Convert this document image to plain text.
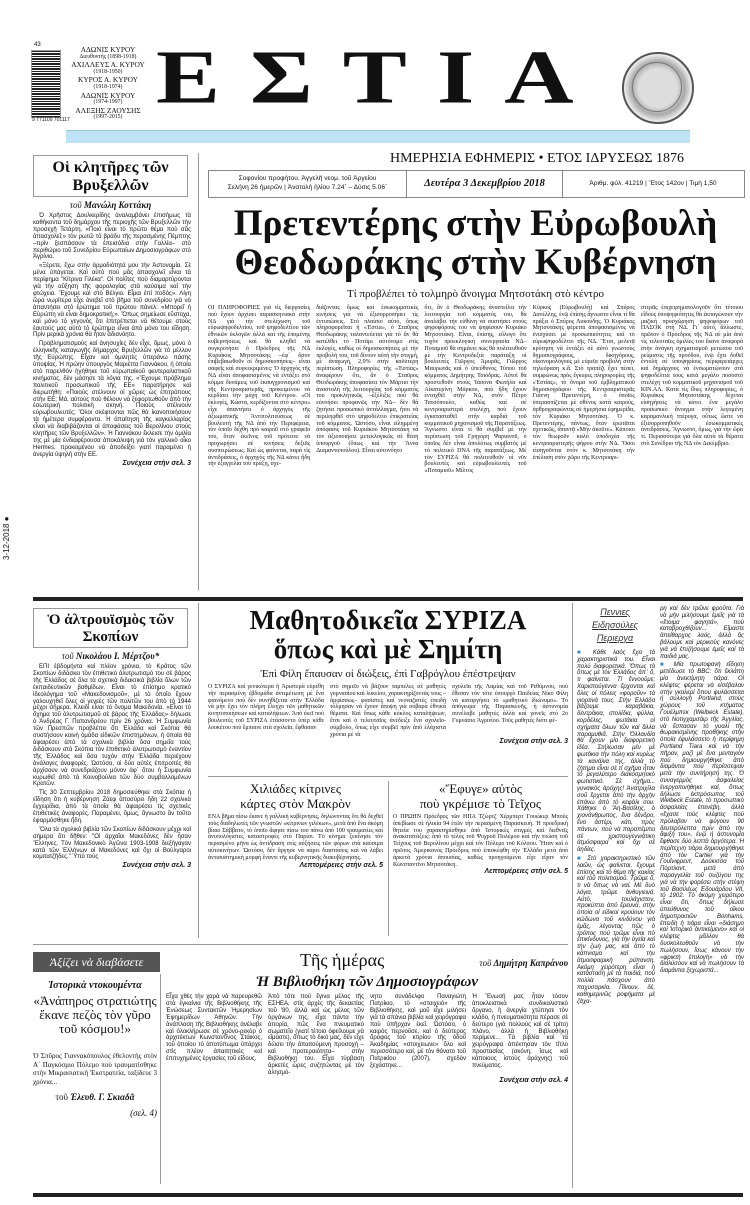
9 771109 701117
43	ΑΔΩΝΙΣ ΚΥΡΟΥ
Διευθυντής (1898-1918)
ΑΧΙΛΛΕΥΣ Α. ΚΥΡΟΥ
(1918-1950)
ΚΥΡΟΣ Α. ΚΥΡΟΥ
(1918-1974)
ΑΔΩΝΙΣ ΚΥΡΟΥ
(1974-1997)
ΑΛΕΞΗΣ ΖΑΟΥΣΗΣ
(1997-2015) ΕΣΤΙΑ
ΗΜΕΡΗΣΙΑ ΕΦΗΜΕΡΙΣ • ΕΤΟΣ ΙΔΡΥΣΕΩΣ 1876
Σοφονίου προφήτου. Ἀγγελῆ νεομ. τοῦ Ἀργείου
Σελήνη 26 ἡμερῶν | Ἀνατολὴ ἡλίου 7.24΄ – Δύσις 5.06΄	Δευτέρα 3 Δεκεμβρίου 2018	Ἀριθμ. φύλ. 41219 | Ἔτος 142ον | Τιμὴ 1,50
3-12-2018 ●
Οἱ κλητῆρες τῶν Βρυξελλῶν
τοῦ Μανώλη Κοττάκη

Ὁ Χρῆστος Δουλκερίδης ἀναλαμβάνει ἐπισήμως τὰ καθήκοντα τοῦ δημάρχου τῆς περιοχῆς τῶν Βρυξελλῶν τὴν προσεχῆ Τετάρτη. «Ποιό εἶναι τὸ πρῶτο θέμα ποὺ σᾶς ἀπασχολεῖ;» τὸν ρωτῶ τὸ βράδυ τῆς περασμένης Πέμπτης –πρὶν ξεσπάσουν τὰ ἐπεισόδια στὴν Γαλλία– στὸ περιθώριο τοῦ Συνεδρίου Εὐρωπαίων Δημοσιογράφων στὸ Ἀγρίνιο.

«Ξέρετε, ἔχω στὴν ἁρμοδιότητά μου τὴν Ἀστυνομία. Σὲ μένα ὑπάγεται. Καὶ αὐτὸ ποὺ μᾶς ἀπασχολεῖ εἶναι τὰ περίφημα "Κίτρινα Γιλέκα". Οἱ πολῖτες ποὺ διαμαρτύρονται γιὰ τὴν αὔξηση τῆς φορολογίας στὰ καύσιμα καὶ τὴν φτώχεια. Ἔχουμε καὶ στὸ Βέλγιο. Εἶμαι ἐπὶ ποδός». Λίγη ὥρα νωρίτερα εἶχε ἀνεβεῖ στὸ βῆμα τοῦ συνεδρίου γιὰ νὰ ἀπαντήσει στὸ ἐρώτημα τοῦ πρώτου πάνελ: «Μπορεῖ ἡ Εὐρώπη νὰ εἶναι δημοκρατική;». Ὅπως σημείωσε εὔστοχα, καὶ μόνο τὸ γεγονὸς ὅτι ἐπιτρέπεται νὰ θέτουμε στοὺς ἑαυτούς μας αὐτὸ τὸ ἐρώτημα εἶναι ἀπὸ μόνο του εἴδηση. Πρὶν μερικὰ χρόνια θὰ ἦταν ἀδιανόητο.

Προβληματισμοὺς καὶ ἀνησυχίες δὲν εἶχε, ὅμως, μόνο ὁ ἑλληνικῆς καταγωγῆς δήμαρχος Βρυξελλῶν γιὰ τὸ μέλλον τῆς Εὐρώπης. Εἶχαν καὶ ὁμιλητὲς ὑπεράνω πάσης ὑποψίας. Ἡ πρώην ὑπουργὸς Μαριέττα Γιαννάκου, ἡ ὁποία στὸ παρελθὸν ἡγήθηκε τοῦ εὐρωπαϊκοῦ φεντεραλιστικοῦ κινήματος, δὲν μάσησε τὰ λόγια της. «Ἔχουμε πρόβλημα πολιτικοῦ προσωπικοῦ τῆς ΕΕ» παρατήρησε καὶ διερωτήθη: «Ποιοὺς στέλνουν οἱ χῶρες ὡς ἐπιτρόπους στὴν ΕΕ; Μά, αὐτοὺς ποὺ θέλουν νὰ ξεφορτωθοῦν ἀπὸ τὴν ἐσωτερικὴ πολιτικὴ σκηνή. Ποιοὺς στέλνουν εὐρωβουλευτές; Ὅλοι σκέφτονται πῶς θὰ ἱκανοποιήσουν τὰ ἡμέτερα συμφέροντα. Ἡ ἀπαίτηση τῆς καγκελλαρίας εἶναι νὰ διαβιβάζονται οἱ ἀποφάσεις τοῦ Βερολίνου στοὺς κλητῆρες τῶν Βρυξελλῶν». Ἡ Γιαννάκου ἔκλεισε τὴν ὁμιλία της μὲ μία ἐνδιαφέρουσα ἀποκάλυψη γιὰ τὸν γαλλικὸ οἶκο Hermes, προκειμένου νὰ ἀποδείξει γιατί παραμένει ἡ ἀνεργία ὑψηλὴ στὴν ΕΕ.

Συνέχεια στὴν σελ. 3
Πρετεντέρης στὴν Εὐρωβουλὴ
Θεοδωράκης στὴν Κυβέρνηση
Τί προβλέπει τὸ τολμηρὸ ἄνοιγμα Μητσοτάκη στὸ κέντρο
ΟΙ ΠΛΗΡΟΦΟΡΙΕΣ γιὰ τὶς διεργασίες ποὺ ἔχουν ἀρχίσει παρασκηνιακὰ στὴν ΝΔ γιὰ τὴν στελέχωση τοῦ εὐρωψηφοδελτίου, τοῦ ψηφοδελτίου τῶν ἐθνικῶν ἐκλογῶν ἀλλὰ καὶ τῆς ἑπομένης κυβερνήσεως καὶ θὰ κληθεῖ νὰ συγκροτήσει ὁ Πρόεδρος τῆς ΝΔ Κυριάκος Μητσοτάκης –ἐφ᾽ ὅσον ἐπιβεβαιωθοῦν οἱ δημοσκοπήσεις– εἶναι σαφεῖς καὶ συγκεκριμένες: Ὁ ἀρχηγὸς τῆς ΝΔ εἶναι ἀποφασισμένος νὰ ἐντάξει στὸ κόμμα δυνάμεις τοῦ ἐκσυγχρονισμοῦ καὶ τῆς Κεντροαριστερᾶς, προκειμένου νὰ κερδίσει τὴν μάχη τοῦ Κέντρου. «Οἱ ἐκλογές, Κώστα, κερδίζονται στὸ κέντρο» εἶχε ἀπαντήσει ὁ ἀρχηγὸς τῆς ἀξιωματικῆς Ἀντιπολιτεύσεως σὲ βουλευτὴ τῆς ΝΔ ἀπὸ τὴν Περιφέρεια, τὸν ὁποῖο δέχθη πρὸ καιροῦ στὸ γραφεῖο του, ὅταν ἐκεῖνος τοῦ πρότεινε νὰ προχωρήσει σὲ κινήσεις δεξιᾶς συσπειρώσεως. Καὶ ὡς φαίνεται, παρὰ τὶς ἀντιδράσεις, ὁ ἀρχηγὸς τῆς ΝΔ κάνει ἤδη τὴν ἐξαγγελία του πράξη, σχε-
διάζοντας ὅμως καὶ ἐσωκομματικὲς κινήσεις γιὰ νὰ ἐξισορροπήσει τὶς ἐντυπώσεις. Στὸ πλαίσιο αὐτό, ὅπως πληροφορεῖται ἡ «Ἑστία», ὁ Σταῦρος Θεοδωράκης ταλαντεύεται γιὰ τὸ ἂν θὰ κατέλθει τὸ Ποτάμι αὐτόνομο στὶς ἐκλογές, καθὼς οἱ δημοσκοπήσεις μὲ τὴν προβολή του, τοῦ δίνουν αὐτὴ τὴν στιγμή, μὲ ἀναγωγή, 2,9% στὴν καλύτερη περίπτωση. Πληροφορίες τῆς «Ἑστίας» ἀναφέρουν ὅτι, ἂν ὁ Σταῦρος Θεοδωράκης ἀποφασίσει τὸν Μάρτιο τὴν ἀναστολὴ τῆς λειτουργίας τοῦ κόμματός του προκλητικῶς –ἐξέλιξις ποὺ θὰ εὐνοήσει προφανῶς τὴν ΝΔ– δὲν θὰ ζητήσει προσωπικὸ ἀντάλλαγμα, ἤτοι νὰ περιληφθεῖ στὸ ψηφοδέλτιο ἐπικρατείας τοῦ κόμματος. Ὡστόσο, εἶναι εἰλημμένη ἀπόφασις τοῦ Κυριάκου Μητσοτάκη νὰ τὸν ἀξιοποιήσει μετεκλογικῶς σὲ θέση ὑπουργοῦ (ὅπως καὶ τὴν Ἄννα Διαμαντοπούλου). Εἶναι αὐτονόητο
ὅτι, ἂν ὁ Θεοδωράκης ἀναστείλει τὴν λειτουργία τοῦ κόμματός του, θὰ ἀναλάβει τὴν εὐθύνη νὰ συστήσει στοὺς ψηφοφόρους του νὰ ψηφίσουν Κυριάκο Μητσοτάκη. Εἶναι, ἐπίσης, εὔλογο ὅτι τυχὸν προεκλογικὴ συνεργασία ΝΔ–Ποταμιοῦ θὰ σημάνει πὼς θὰ πολιτευθοῦν μὲ τὴν Κεντροδεξιὰ παράταξη οἱ βουλευτὲς Γιῶργος Ἀμυρᾶς, Γιῶργος Μαυρωτᾶς καὶ ὁ ὑπεύθυνος Τύπου τοῦ κόμματος Δημήτρης Τσιόδρας. Αὐτοὶ θὰ προστεθοῦν στοὺς Ἰάσονα Φωτήλα καὶ Αἰκατερίνη Μάρκου, ποὺ ἤδη ἔχουν ἐνταχθεῖ στὴν ΝΔ, στὸν Πέτρο Τατσόπουλο, καθὼς καὶ σὲ κεντροαριστερὰ στελέχη, ποὺ ἔχουν ἐγκατασταθεῖ στὴν καρδιὰ τοῦ κομματικοῦ μηχανισμοῦ τῆς Παρατάξεως. Ἄγνωστο εἶναι τί θὰ συμβεῖ μὲ τὴν περίπτωση τοῦ Γρηγόρη Ψαριανοῦ, ὁ ὁποῖος δὲν εἶναι ἀπολύτως συμβατὸς μὲ τὸ πολιτικὸ DNA τῆς παρατάξεως. Μὲ τὸν ΣΥΡΙΖΑ θὰ πολιτευθοῦν οἱ νῦν βουλευτὲς καὶ εὐρωβουλευτὲς τοῦ «Ποταμιοῦ» Μίλτος
Κύρκος (Εὐρωβουλὴ) καὶ Σπύρος Δανέλλης, ἐνῷ ἐπίσης ἄγνωστο εἶναι τί θὰ πράξει ὁ Σπύρος Λυκούδης. Ὁ Κυριάκος Μητσοτάκης φέρεται ἀποφασισμένος νὰ ἐνισχύσει μὲ προσωπικότητες καὶ τὸ εὐρωψηφοδέλτιο τῆς ΝΔ. Ἔτσι, μελετᾷ κρότηση νὰ ἐντάξει σὲ αὐτὸ γνωστοὺς δημοσιογράφους, δικηγόρους, οἰκονομολόγους μὲ εὐρεῖα προβολὴ στὴν τηλεόραση κ.ἄ. Στὸ τραπέζι ἔχει πέσει, συμφώνως πρὸς ἔγκυρες πληροφορίες τῆς «Ἑστίας», τὸ ὄνομα τοῦ ἐμβληματικοῦ δημοσιογράφου τῆς Κεντροαριστερᾶς Γιάννη Πρετεντέρη, ὁ ὁποῖος ὑπερασπίζεται μὲ σθένος κατὰ καιρούς, ἀρθρογραφώντας σὲ ἡμερήσια ἐφημερίδα, τὸν Κυριάκο Μητσοτάκη. Ὁ κ. Πρετεντέρης, πάντως, ὅταν ἐρωτᾶται σχετικῶς, ἀπαντᾷ «Μὴν ἀκοῦτε». Κάποιοι τὸν θεωροῦν καλὸ ὑποδοχέα τῆς κεντροαριστερῆς ψήφου στὴν ΝΔ. Ὅσοι εἰσηγοῦνται στὸν κ. Μητσοτάκη τὴν ἐπέλαση στὸν χῶρο τῆς Κεντροαρι-
στερᾶς ἐπιχειρηματολογοῦν ὅτι τέτοιου εἴδους ὑποψηφιότητες θὰ ἐκπαγώνουν τὴν μαζικὴ προσχώρηση ψηφοφόρων τοῦ ΠΑΣΟΚ στὴ ΝΔ. Γι᾽ αὐτό, ἄλλωστε, πρῶτον ὁ Πρόεδρος τῆς ΝΔ σὲ μία ἀπὸ τὶς τελευταῖες ὁμιλίες του ἔκανε ἀναφορὰ στὴν ἀνάγκη σχηματισμοῦ μετώπου τοῦ ρεύματος τῆς προόδου, ἐνῷ ἔχει δοθεῖ ἐντολὴ σὲ ὑποψηφίους περιφερειάρχες καὶ δημάρχους νὰ ἐνσωματώνουν στὰ ψηφοδέλτιά τους κατὰ μεγάλο ποσοστὸ στελέχη τοῦ κομματικοῦ μηχανισμοῦ τοῦ ΚΙΝ.ΑΛ. Κατὰ τὶς ἴδιες πληροφορίες, ὁ Κυριάκος Μητσοτάκης δέχεται εἰσηγήσεις νὰ κάνει ἕνα μεγάλο προσωπικὸ ἄνοιγμα στὴν λεγομένη καραμανλικὴ πτέρυγα, οὕτως ὥστε νὰ ἐξισορροπηθοῦν ἐσωκομματικὲς ἀντιδράσεις. Ἄγνωστο, ὅμως, γιὰ τὴν ὥρα τί. Περισσότερα γιὰ ὅλα αὐτὰ τὰ θέματα στὸ Συνέδριο τῆς ΝΔ τὸν Δεκέμβριο.
Ὁ ἀλτρουϊσμὸς τῶν Σκοπίων
τοῦ Νικολάου Ι. Μέρτζου*

ΕΠΙ ἑβδομήντα καὶ πλέον χρόνια, τὸ Κράτος τῶν Σκοπίων διδάσκει τὸν ἐπιθετικὸ ἀλυτρωτισμό του σὲ βάρος τῆς Ἑλλάδος σὲ ὅλα τὰ σχετικὰ διδακτικὰ βιβλία ὅλων τῶν ἐκπαιδευτικῶν βαθμίδων. Εἶναι τὸ ἐπίσημο κρατικὸ ἰδεολόγημα τοῦ «Μακεδονισμοῦ», μὲ τὸ ὁποῖο ἔχουν γαλουχηθεῖ ὅλες οἱ γενεὲς τῶν πολιτῶν του ἀπὸ τὸ 1944 μέχρι σήμερα. Κλειδὶ εἶναι τὸ ὄνομα Μακεδονία. «Εἶναι τὸ ὄχημα τοῦ ἀλυτρωτισμοῦ σὲ βάρος τῆς Ἑλλάδας» δήλωσε ὁ Ἀνδρέας Γ. Παπανδρέου πρὶν 26 χρόνια. Ἡ Συμφωνία τῶν Πρεσπῶν προβλέπει ὅτι Ἑλλάδα καὶ Σκόπια θὰ συστήσουν κοινὴ ὁμάδα εἰδικῶν ἐπιστημόνων, ἡ ὁποία θὰ ἀφαιρέσει ἀπὸ τὰ σχολικὰ βιβλία ὅσα σημεῖα τοὺς διδάσκουν στὰ Σκόπια τὸν ἐπιθετικὸ ἀλυτρωτισμὸ ἐναντίον τῆς Ἑλλάδος καὶ ὅσα τυχὸν στὴν Ἑλλάδα περιέχουν ἀνάλογες ἀναφορές. Ὡστόσο, οἱ δύο αὐτὲς ἐπιτροπὲς θὰ ἀρχίσουν νὰ συνεδριάζουν μόνον ἀφ᾽ ὅτου ἡ Συμφωνία κυρωθεῖ ἀπὸ τὰ Κοινοβούλια τῶν δύο συμβαλλομένων Κρατῶν.

Τὶς 30 Σεπτεμβρίου 2018 δημοσιεύθηκε στὰ Σκόπια ἡ εἴδηση ὅτι ἡ κυβέρνηση Ζάεφ ἀποσύρει ἤδη 22 σχολικὰ ἐγχειρίδια, ἀπὸ τὰ ὁποῖα θὰ ἀφαιρέσει τὶς σχετικὲς ἐπιθετικὲς ἀναφορές. Παραμένει, ὅμως, ἄγνωστο ἂν τοῦτο ἐφαρμόσθηκε ἤδη.

Ὅλα τὰ σχολικὰ βιβλία τῶν Σκοπίων διδάσκουν μέχρι καὶ σήμερα ὅτι δῆθεν: "Οἱ ἀρχαῖοι Μακεδόνες δὲν ἦσαν Ἕλληνες. Τὸν Μακεδονικὸ Ἀγῶνα 1903-1908 διεξήγαγαν κατὰ τῶν Ἑλλήνων οἱ Μακεδόνες καὶ ὄχι οἱ Βούλγαροι κομιτατζῆδες." Ὑπὸ τοὺς

Συνέχεια στὴν σελ. 3
Μαθητοδικεῖα ΣΥΡΙΖΑ
ὅπως καὶ μὲ Σημίτη
Ἐπὶ Φίλη ἔπαυσαν οἱ διώξεις, ἐπὶ Γαβρόγλου ἐπέστρεψαν
Ο ΣΥΡΙΖΑ καὶ γενικότερα ἡ Ἀριστερὰ εὑρέθη τὴν περασμένη ἑβδομάδα ἀντιμέτωπη μὲ ἕνα φαινόμενο ποὺ δὲν συνηθίζεται στὴν Ἑλλάδα νὰ μὴν ἔχει τὸν πλήρη ἔλεγχο τῶν μαθητικῶν κινητοποιήσεων καὶ καταλήψεων. Ἀπὸ ἐκεῖ ποὺ βουλευτὲς τοῦ ΣΥΡΙΖΑ ἐτάσσοντο ὑπὲρ κάθε λουκέτου ποὺ ἔμπαινε στὰ σχολεῖα, ἔφθασαν
στὸ σημεῖο νὰ βάζουν ταμπέλες σὲ μαθητὲς γυμνασίου καὶ λυκείου, χαρακτηρίζοντάς τους –ἀμφίσσως– φασίστες καὶ νεοναζιστὲς ἐπειδὴ τόλμησαν νὰ ἔχουν ἄποψη γιὰ σοβαρὰ ἐθνικὰ θέματα. Καὶ ὅπως κάθε κύκλος καταλήψεων, ἔτσι καὶ ὁ τελευταῖος ἀνέδειξε ἕνα σχολεῖο-σύμβολο, ὅπως εἶχε συμβεῖ πρὶν ἀπὸ ἐλάχιστα χρόνια μὲ τὰ
σχολεῖα τῆς Λαμίας καὶ τοῦ Ρεθύμνου, ποὺ ἔθεσαν τὸν τότε ὑπουργὸ Παιδείας Νίκο Φίλη νὰ καταργήσει τὸ «μαθητικὸ ἰδιώνυμο». Τὸ ἀπόγευμα τῆς Παρασκευῆς, ἡ ἀστυνομία συνέλαβε μαθητὲς ἀλλὰ καὶ γονεῖς στὸ 2ο Γυμνάσιο Ἀγρινίου. Τοὺς μαθητὲς διότι φέ-
Συνέχεια στὴν σελ. 3
Χιλιάδες κίτρινες
κάρτες στὸν Μακρὸν
ΕΝΑ βῆμα πίσω ἔκανε ἡ γαλλικὴ κυβέρνησις, δηλώνοντας ὅτι θὰ δεχθεῖ τοὺς διαδηλωτὲς τῶν γνωστῶν «κίτρινων γιλέκων», μετὰ ἀπὸ ἕνα ἀκόμη βίαιο Σάββατο, τὸ ὁποῖο ἄφησε πίσω του πάνω ἀπὸ 100 τραυματίες καὶ ἀνυπολόγιστες καταστροφὲς στὸ Παρίσι. Τὸ κίνημα ξεκίνησε τὸν περασμένο μῆνα ὡς ἀντίδραση στὶς αὐξήσεις τῶν φόρων στὰ καύσιμα αὐτοκινήτων. Ὡστόσο, δὲν ἄργησε νὰ πάρει διαστάσεις καὶ νὰ λάβει ἀντισυστημικὴ μορφή ἔναντι τῆς κυβερνητικῆς διακυβέρνησης.
Λεπτομέρειες στὴν σελ. 5
«Ἔφυγε» αὐτὸς
ποὺ γκρέμισε τὸ Τεῖχος
Ο ΠΡΩΗΝ Πρόεδρος τῶν ΗΠΑ Τζὼρτζ Χέρμπερτ Γουώκερ Μπούς ἀπεβίωσε σὲ ἡλικία 94 ἐτῶν τὴν περασμένη Παρασκευή. Ἡ προεδρική θητεία του χαρακτηρίσθηκε ἀπὸ Ἱστορικὲς στιγμὲς καὶ διεθνεῖς ἀνακατατάξεις: ἀπὸ τὸ τέλος τοῦ Ψυχροῦ Πολέμου καὶ τὴν πτώση τοῦ Τείχους τοῦ Βερολίνου μέχρι καὶ τὸν Πόλεμο τοῦ Κόλπου. Ἦταν καὶ ὁ πρῶτος Ἀμερικανὸς Πρόεδρος ποὺ ἐπισκέφθη τὴν Ἑλλάδα μετὰ ἀπὸ ἀρκετὰ χρόνια ἀπουσίας, καθὼς προηγούμενα εἶχε εἶχαν τὸν Κωνσταντῖνο Μητσοτάκη.
Λεπτομέρειες στὴν σελ. 5
Πεννιες
Ειδησούλες
Περιεργα

■ Κάθε λαὸς ἔχει τὰ χαρακτηριστικά του. Εἶναι πολὺ διαφορετικά. Ὅπως τὰ ὅπως μὲ τὸν Ἑλλάδος ἀπ᾽ ὅ, τι φαίνεται. Τί ἔννοοῦμε; Χαριστούγεννα ἔρχονται καὶ ὅλες οἱ πόλεις «φοροῦν» τὰ γιορτινά τους. Στὴν Ἑλλάδα βάζουμε καραβάκια, δεντράκια, στολίδια, φύλλα, κορδέλες, φωτάκια οἱ σχήματα ὅλων τῶν καὶ ἄλλα παραμυθιᾶ. Στὴν Ὁλλανδία θὰ ἔχουν μία διαφορετικὴ ἰδέα. Στήλωσαν μὲν μὲ φωτάκια τὴν πόλη καὶ κυρίως τὰ κανάλια της, ἀλλὰ τὸ ζήτημα εἶναι σὲ τί σχῆμα ἦταν τὸ μεγαλύτερο διακοσμητικὸ φωτιστικό. Σὲ σχῆμα... γυναικὸς ἀρόχης! Ἀνατριχίλα σοῦ ἔρχεται ἀπὸ τὴν ἀρχὴν ἐπάνω ἀπὸ τὸ κεφάλι σου. Χάθηκε ὁ Ἅη-Βασίλης, ὁ χιονάνθρωπος, ἕνα δένδρο, ἕνα ἀστέρι, κάτι, πρὸς πάντων, ποὺ νὰ παραπέμπει σὲ χριστουγεννιάτικη ἀτμόσφαιρα καὶ ὄχι σὲ ἀηδίες.

■ Στὸ χαρακτηριστικὸ τῶν λαῶν, ὡς φαίνεται, ἔχουμε ἐπίσης καὶ τὸ θέμα τῆς κακίας καὶ τοῦ πολιτισμοῦ. Τρῶμε ὅ, τι νὰ ὅπως νὰ ναί. Μὲ δυὸ λόγια, τρῶμε ἀνθυγιεινά. Αὐτό, τουλάχιστον, προκύπτει ἀπὸ ἔρευνα, στὴν ὁποία οἱ εἰδικοὶ κρούουν τὸν κώδωνα τοῦ κινδύνου γιὰ ἐμᾶς, λέγοντας πῶς ὁ τρόπος ποὺ τρῶμε εἶναι πὸ ἐπικίνδυνος, γιὰ τὴν ὑγεία καὶ τὴν ζωή μας, καὶ ἀπὸ τὸ κάπνισμα καὶ τὴν ἀτμοσφαιρικὴ ρύπανση. Ἀκόμη χειρότερη εἶναι ἡ κατάσταση μὲ τὰ παιδιά, ποὺ πολλὰ πάσχουν ἀπὸ παχυσαρκία. Πίνουν, δέ, καθημερινῶς ροφήματα μὲ ζάχα-

ρη καὶ δὲν τρῶνε φροῦτα. Γιὰ νὰ μὴν μιλήσουμε ἐμεῖς γιὰ τὰ «ἔτοιμα φαγητά», ποὺ καταβροχθίζουν... Εἴμαστε ἀπείθαρχος λαός, ἀλλὰ ἂς βάλουμε καὶ μερικοὺς κανόνες γιὰ νὰ ἐπιζήσουμε ἐμεῖς καὶ τὰ παιδιά μας.

■ Μία πρωτοφανὴ εἴδηση μετέδωσε τὸ BBC: ὅτι ἔκλάπη μία ἀνεκτίμητη τιάρα. Οἱ κλέφτες φέρεται νὰ εἰσέβαλαν στὴν γκαλερὶ ὅπου φυλάσσεται ἡ συλλογὴ Portland, στοὺς χώρους τοῦ κτήματος Γουέλμπεκ (Welbeck Estate), στὸ Νοτιγχαμσάιρ τῆς Ἀγγλίας, νὰ ἔσπασαν τὸ γυαλὶ τῆς θωρακισμένης προθήκης στὴν ὁποία ἐφυλάσσετο ἡ περίφημη Portland Tiara καὶ νὰ τὴν πῆραν, μαζὶ μὲ ἕνα μενταγιὸν ποὺ δημιουργήθηκε ἀπὸ διαμάντια ποὺ περίσσεψαν μετὰ τὴν συντήρησή της. Ὁ συναγερμὸς ἀσφαλείας ἐνεργοποιήθηκε καί, ὅπως δήλωσε ἐκπρόσωπος τοῦ Welbeck Estate, τὸ προσωπικὸ ἀσφαλείας ἐπενέβη, ἀλλὰ «ἔχασε τοὺς κλέφτες ποὺ πρόλαβαν νὰ φύγουν 90 δευτερόλεπτα πρὶν ἀπὸ τὴν ἄφιξή του», ἐνῷ ἡ ἀστυνομία ἔφθασε δύο λεπτὰ ἀργότερα. Ἡ περίτεχνη τιάρα δημιουργήθηκε ἀπὸ τὸν Cartier γιὰ τὴν Γουΐνιφρεντ, Δούκισσα τοῦ Πόρτλαντ, μετὰ ἀπὸ παραγγελία τοῦ συζύγου της γιὰ νὰ τὴν φορέσει στὴν στέψη τοῦ Βασιλέως Ἐδουάρδου VII, τὸ 1902. Τὸ ἀκόμη χειρότερο εἶναι ὅτι, ὅπως δήλωσε ὑπεύθυνος τοῦ οἴκου δημοπρασιῶν Bonhams, ἐπειδὴ ἡ τιάρα εἶναι «διάσημο καὶ Ἱστορικὸ ἀντικείμενο» καὶ οἱ κλέφτες μᾶλλον θὰ δυσκολευθοῦν νὰ τὴν πωλήσουν, ἴσως κάνουν τὴν «φρικτὴ ἐπιλογὴ» νὰ τὴν διαλύσουν καὶ νὰ πωλήσουν τὰ διαμάντια ξεχωριστά...

Ἀξίζει νὰ διαβάσετε
Ἱστορικὰ ντοκουμέντα
«Ἀνάπηρος στρατιώτης ἔκανε πεζὸς τὸν γῦρο τοῦ κόσμου!»
Ὁ Σπῦρος Γιαννακόπουλος ἐθελοντὴς στὸν Α΄ Παγκόσμιο Πόλεμο ποὺ τραυματίσθηκε στὴν Μικρασιατικὴ Ἐκστρατεία, ταξίδευε 3 χρόνια...
τοῦ Ἐλευθ. Γ. Σκιαδᾶ
(σελ. 4)
Τῆς ἡμέρας	τοῦ Δημήτρη Καπράνου
Ἡ Βιβλιοθήκη τῶν Δημοσιογράφων
Εἶχα χθὲς τὴν χαρὰ νὰ παρευρεθῶ στὰ ἐγκαίνια τῆς Βιβλιοθήκης τῆς Ἑνώσεως Συντακτῶν Ἡμερησίων Ἐφημερίδων Ἀθηνῶν. Τὴν ἀνάπλαση τῆς Βιβλιοθήκης ἀνέλαβε καὶ ὁλοκλήρωσε σὲ χρόνο-ρεκὸρ ὁ ἀρχιτέκτων Κωνσταντῖνος Στάικος, τοῦ ὁποίου τὸ ἀποτύπωμα ὑπάρχει στὶς πλέον ἀπαιτητικὲς καὶ ἐπιτυχημένες ἐργασίες τοῦ εἴδους.
Ἀπὸ τότε ποὺ ἔγινα μέλος τῆς ΕΣΗΕΑ, στὶς ἀρχὲς τῆς δεκαετίας τοῦ '80, ἀλλὰ καὶ ὡς μέλος τῶν ὀργάνων της, εἶχα πάντα τὴν ἀπορία, πῶς ἕνα πνευματικὸ σωματεῖο (γιατί τέτοιο ὀφείλουμε νὰ εἴμαστε), ὅπως τὸ δικό μας, δὲν εἶχε δώσει τὴν ἀπαιτούμενη προσοχὴ –καὶ προτεραιότητα– στὴν Βιβλιοθήκη του. Εἶχα τύρβαση ἀρκετὲς ὧρες συζητώντας μὲ τὸν ἀλησμό-
νητο συνάδελφο Παναγιώτη Πατρίκιο, τὸ «στοιχειὸ» τῆς Βιβλιοθήκης, καὶ μοῦ εἶχε μιλήσει γιὰ τὰ σπάνια βιβλία καὶ χειρόγραφα ποὺ ὑπῆρχαν ἐκεῖ. Ὡστόσο, ὁ καιρὸς περνοῦσε, καὶ ὁ δεύτερος ὄροφος τοῦ κτιρίου τῆς ὁδοῦ Ἀκαδημίας «στοιχειωνε» ὅλο καὶ περισσότερο καί, μὲ τὸν θάνατο τοῦ Πατρικίου (2007), σχεδὸν ξεχάστηκε...
Ἡ Ἕνωσή μας ἦταν τόσον ἀποκλειστικὰ συνδικαλιστικὸ ὄργανο, ἡ ἀνεργία χτύπησε τὸν κλάδο, ἡ πνευματικότητα πέρασε σὲ δεύτερο (γιὰ πολλοὺς καὶ σὲ τρίτο) πλάνο, ἀλλὰ ἡ Βιβλιοθήκη περίμενε... Τὰ βιβλία καὶ τὰ χειρόγραφα ἀπέκτησαν τὸν τίτλο προστασίας (σκόνη, ἴσως καὶ κάποιους ἱστοὺς ἀράχνης) τοῦ πνεύματος.
Συνέχεια στὴν σελ. 4
